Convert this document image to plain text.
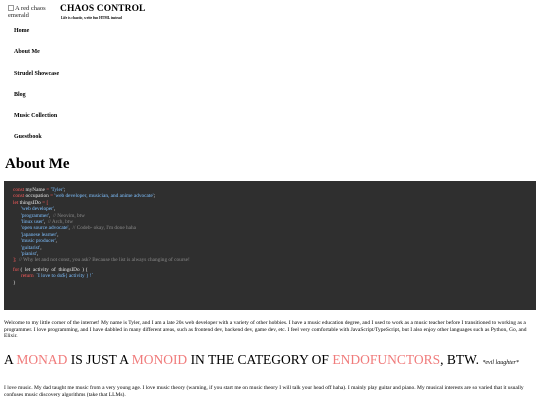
A red chaos emerald
CHAOS CONTROL
Life is chaotic, write fun HTML instead
Home
About Me
Strudel Showcase
Blog
Music Collection
Guestbook
About Me
const myName = 'Tyler';
const occupation = 'web developer, musician, and anime advocate';
let thingsIDo = [
'web developer',
'programmer',  // Neovim, btw
'linux user',  // Arch, btw
'open source advocate',  // Codeb- okay, I'm done haha
'japanese learner',
'music producer',
'guitarist',
'pianist',
]; // Why let and not const, you ask? Because the list is always changing of course!
for (  let  activity  of  thingsIDo  ) {
return `I love to do${ activity } !`
}

Welcome to my little corner of the internet! My name is Tyler, and I am a late 20s web developer with a variety of other hobbies. I have a music education degree, and I used to work as a music teacher before I transitioned to working as a programmer. I love programming, and I have dabbled in many different areas, such as frontend dev, backend dev, game dev, etc. I feel very comfortable with JavaScript/TypeScript, but I also enjoy other languages such as Python, Go, and Elixir.

A MONAD IS JUST A MONOID IN THE CATEGORY OF ENDOFUNCTORS, BTW. *evil laughter*

I love music. My dad taught me music from a very young age. I love music theory (warning, if you start me on music theory I will talk your head off haha). I mainly play guitar and piano. My musical interests are so varied that it usually confuses music discovery algorithms (take that LLMs).
